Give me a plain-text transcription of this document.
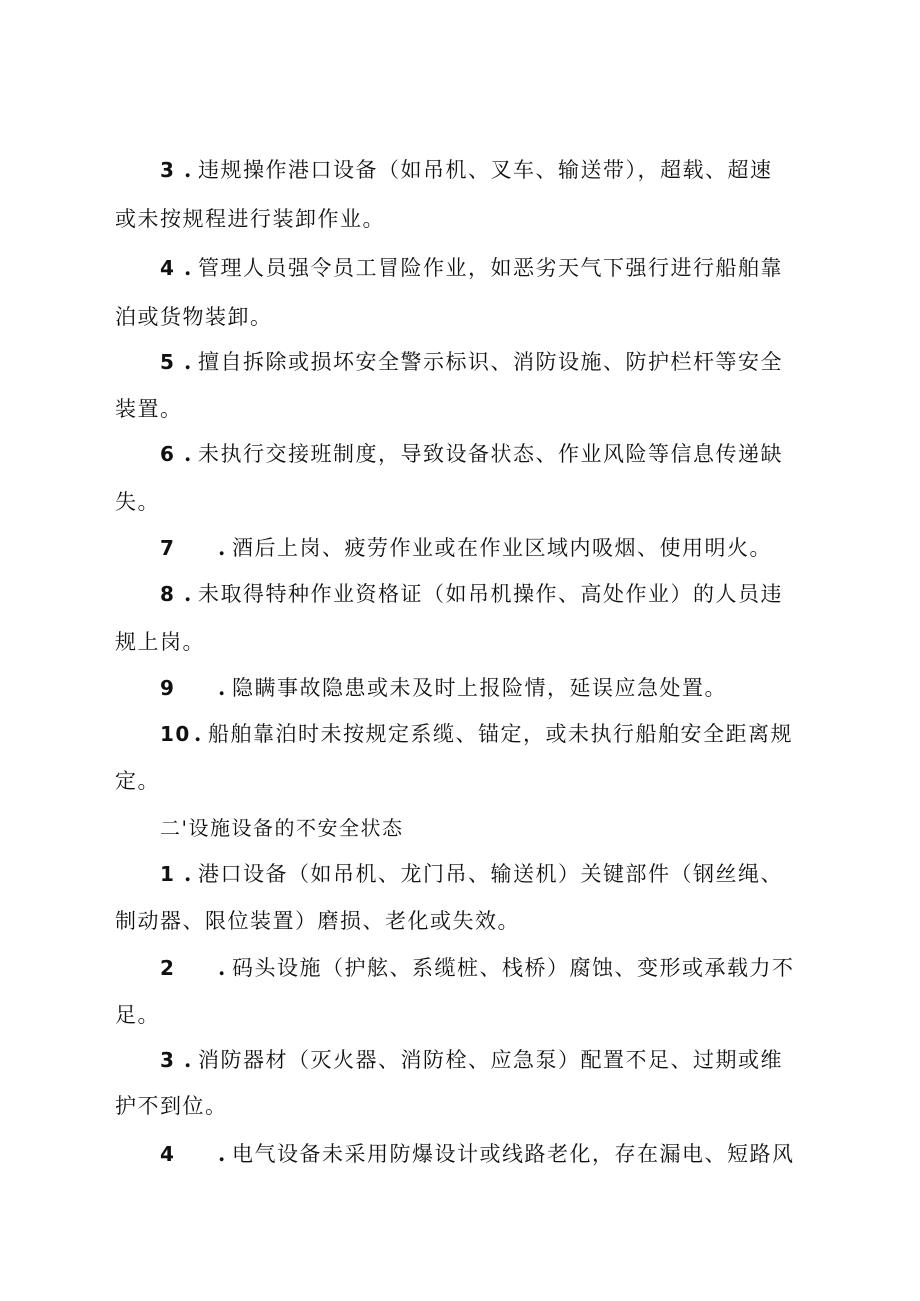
3 . 违规操作港口设备（如吊机、叉车、输送带），超载、超速
或未按规程进行装卸作业。
4 . 管理人员强令员工冒险作业，如恶劣天气下强行进行船舶靠
泊或货物装卸。
5 . 擅自拆除或损坏安全警示标识、消防设施、防护栏杆等安全
装置。
6 . 未执行交接班制度，导致设备状态、作业风险等信息传递缺
失。
7 . 酒后上岗、疲劳作业或在作业区域内吸烟、使用明火。
8 . 未取得特种作业资格证（如吊机操作、高处作业）的人员违
规上岗。
9 . 隐瞒事故隐患或未及时上报险情，延误应急处置。
10 . 船舶靠泊时未按规定系缆、锚定，或未执行船舶安全距离规
定。
二'设施设备的不安全状态
1 . 港口设备（如吊机、龙门吊、输送机）关键部件（钢丝绳、
制动器、限位装置）磨损、老化或失效。
2 . 码头设施（护舷、系缆桩、栈桥）腐蚀、变形或承载力不
足。
3 . 消防器材（灭火器、消防栓、应急泵）配置不足、过期或维
护不到位。
4 . 电气设备未采用防爆设计或线路老化，存在漏电、短路风
